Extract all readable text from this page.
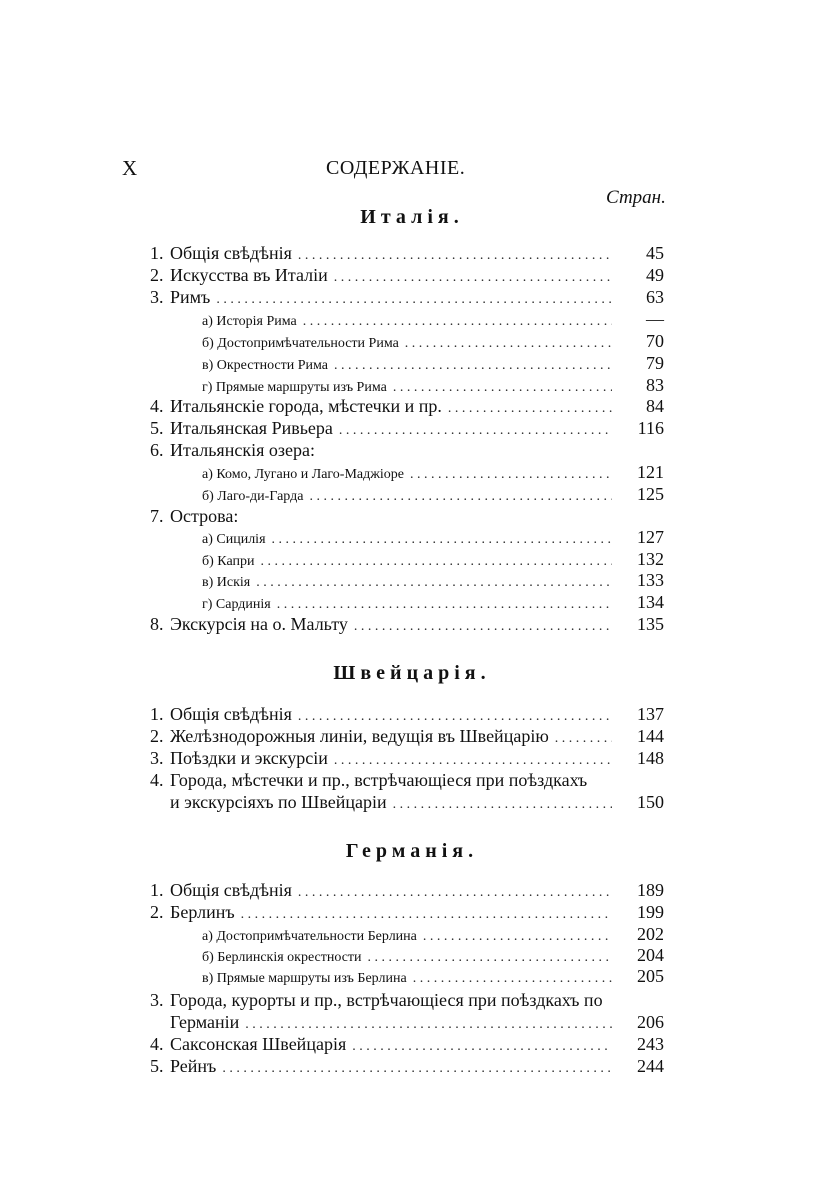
X	СОДЕРЖАНІЕ.
Стран.
Италія.
1. Общія свѣдѣнія . . .	45
2. Искусства въ Италіи . . .	49
3. Римъ . . .	63
а) Исторія Рима . . .	—
б) Достопримѣчательности Рима . . .	70
в) Окрестности Рима . . .	79
г) Прямые маршруты изъ Рима . . .	83
4. Итальянскіе города, мѣстечки и пр. . . .	84
5. Итальянская Ривьера . . .	116
6. Итальянскія озера:
а) Комо, Лугано и Лаго-Маджіоре . . .	121
б) Лаго-ди-Гарда . . .	125
7. Острова:
а) Сицилія . . .	127
б) Капри . . .	132
в) Искія . . .	133
г) Сардинія . . .	134
8. Экскурсія на о. Мальту . . .	135
Швейцарія.
1. Общія свѣдѣнія . . .	137
2. Желѣзнодорожныя линіи, ведущія въ Швейцарію . . .	144
3. Поѣздки и экскурсіи . . .	148
4. Города, мѣстечки и пр., встрѣчающіеся при поѣздкахъ
и экскурсіяхъ по Швейцаріи . . .	150
Германія.
1. Общія свѣдѣнія . . .	189
2. Берлинъ . . .	199
а) Достопримѣчательности Берлина . . .	202
б) Берлинскія окрестности . . .	204
в) Прямые маршруты изъ Берлина . . .	205
3. Города, курорты и пр., встрѣчающіеся при поѣздкахъ по
Германіи . . .	206
4. Саксонская Швейцарія . . .	243
5. Рейнъ . . .	244
